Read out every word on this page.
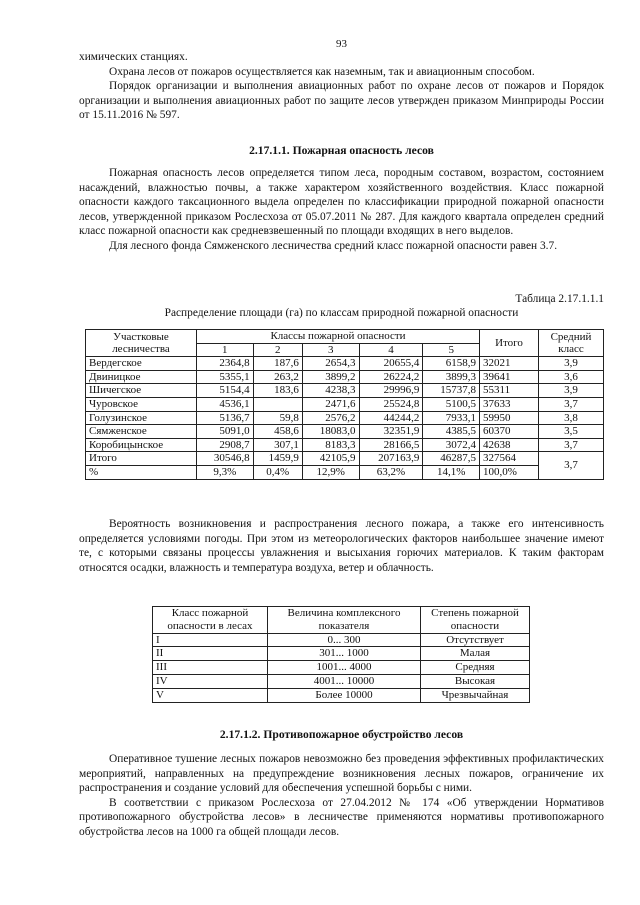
93

химических станциях.

Охрана лесов от пожаров осуществляется как наземным, так и авиационным способом.

Порядок организации и выполнения авиационных работ по охране лесов от пожаров и Порядок организации и выполнения авиационных работ по защите лесов утвержден приказом Минприроды России от 15.11.2016 № 597.

2.17.1.1. Пожарная опасность лесов

Пожарная опасность лесов определяется типом леса, породным составом, возрастом, состоянием насаждений, влажностью почвы, а также характером хозяйственного воздействия. Класс пожарной опасности каждого таксационного выдела определен по классификации природной пожарной опасности лесов, утвержденной приказом Рослесхоза от 05.07.2011 № 287. Для каждого квартала определен средний класс пожарной опасности как средневзвешенный по площади входящих в него выделов.

Для лесного фонда Сямженского лесничества средний класс пожарной опасности равен 3.7.

Таблица 2.17.1.1.1
Распределение площади (га) по классам природной пожарной опасности
Участковые лесничества	Классы пожарной опасности					Итого	Средний класс
	1	2	3	4	5		
Вердегское	2364,8	187,6	2654,3	20655,4	6158,9	32021	3,9
Двиницкое	5355,1	263,2	3899,2	26224,2	3899,3	39641	3,6
Шичегское	5154,4	183,6	4238,3	29996,9	15737,8	55311	3,9
Чуровское	4536,1		2471,6	25524,8	5100,5	37633	3,7
Голузинское	5136,7	59,8	2576,2	44244,2	7933,1	59950	3,8
Сямженское	5091,0	458,6	18083,0	32351,9	4385,5	60370	3,5
Коробицынское	2908,7	307,1	8183,3	28166,5	3072,4	42638	3,7
Итого	30546,8	1459,9	42105,9	207163,9	46287,5	327564	3,7
%	9,3%	0,4%	12,9%	63,2%	14,1%	100,0%	

Вероятность возникновения и распространения лесного пожара, а также его интенсивность определяется условиями погоды. При этом из метеорологических факторов наибольшее значение имеют те, с которыми связаны процессы увлажнения и высыхания горючих материалов. К таким факторам относятся осадки, влажность и температура воздуха, ветер и облачность.

Класс пожарной опасности в лесах	Величина комплексного показателя	Степень пожарной опасности
I	0... 300	Отсутствует
II	301... 1000	Малая
III	1001... 4000	Средняя
IV	4001... 10000	Высокая
V	Более 10000	Чрезвычайная
2.17.1.2. Противопожарное обустройство лесов

Оперативное тушение лесных пожаров невозможно без проведения эффективных профилактических мероприятий, направленных на предупреждение возникновения лесных пожаров, ограничение их распространения и создание условий для обеспечения успешной борьбы с ними.

В соответствии с приказом Рослесхоза от 27.04.2012 № 174 «Об утверждении Нормативов противопожарного обустройства лесов» в лесничестве применяются нормативы противопожарного обустройства лесов на 1000 га общей площади лесов.
